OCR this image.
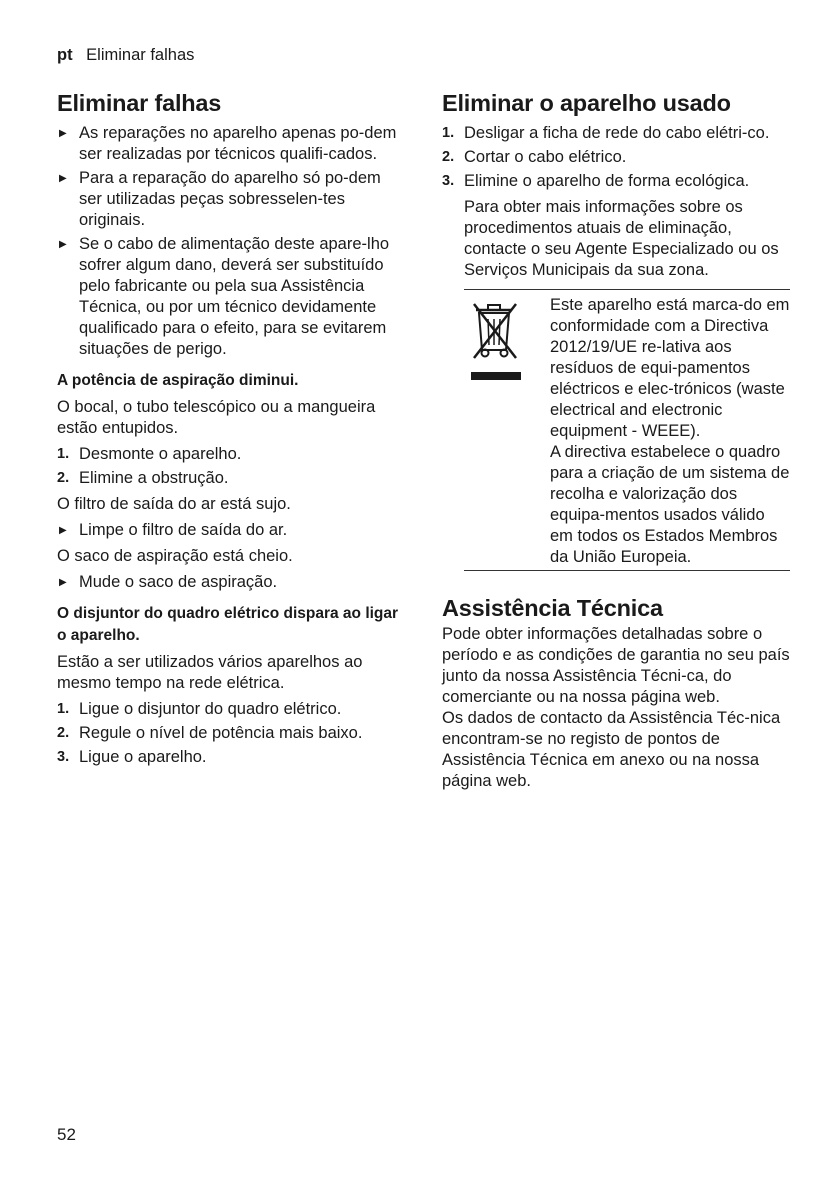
pt Eliminar falhas
Eliminar falhas
▶ As reparações no aparelho apenas po-dem ser realizadas por técnicos qualifi-cados.
▶ Para a reparação do aparelho só po-dem ser utilizadas peças sobresselen-tes originais.
▶ Se o cabo de alimentação deste apare-lho sofrer algum dano, deverá ser substituído pelo fabricante ou pela sua Assistência Técnica, ou por um técnico devidamente qualificado para o efeito, para se evitarem situações de perigo.
A potência de aspiração diminui.

O bocal, o tubo telescópico ou a mangueira estão entupidos.

1. Desmonte o aparelho.
2. Elimine a obstrução.

O filtro de saída do ar está sujo.

▶ Limpe o filtro de saída do ar.

O saco de aspiração está cheio.

▶ Mude o saco de aspiração.
O disjuntor do quadro elétrico dispara ao ligar o aparelho.

Estão a ser utilizados vários aparelhos ao mesmo tempo na rede elétrica.

1. Ligue o disjuntor do quadro elétrico.
2. Regule o nível de potência mais baixo.
3. Ligue o aparelho.
Eliminar o aparelho usado
1. Desligar a ficha de rede do cabo elétri-co.
2. Cortar o cabo elétrico.
3. Elimine o aparelho de forma ecológica.

Para obter mais informações sobre os procedimentos atuais de eliminação, contacte o seu Agente Especializado ou os Serviços Municipais da sua zona.

Este aparelho está marca-do em conformidade com a Directiva 2012/19/UE re-lativa aos resíduos de equi-pamentos eléctricos e elec-trónicos (waste electrical and electronic equipment - WEEE).

A directiva estabelece o quadro para a criação de um sistema de recolha e valorização dos equipa-mentos usados válido em todos os Estados Membros da União Europeia.

Assistência Técnica

Pode obter informações detalhadas sobre o período e as condições de garantia no seu país junto da nossa Assistência Técni-ca, do comerciante ou na nossa página web.

Os dados de contacto da Assistência Téc-nica encontram-se no registo de pontos de Assistência Técnica em anexo ou na nossa página web.

52
